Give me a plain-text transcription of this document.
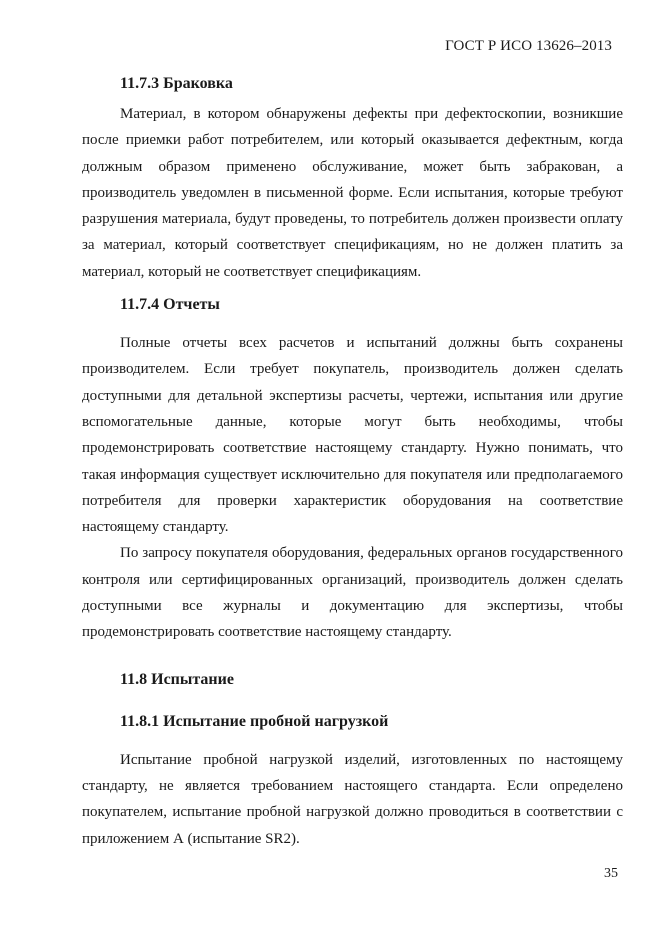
ГОСТ Р ИСО 13626–2013
11.7.3 Браковка

Материал, в котором обнаружены дефекты при дефектоскопии, возникшие после приемки работ потребителем, или который оказывается дефектным, когда должным образом применено обслуживание, может быть забракован, а производитель уведомлен в письменной форме. Если испытания, которые требуют разрушения материала, будут проведены, то потребитель должен произвести оплату за материал, который соответствует спецификациям, но не должен платить за материал, который не соответствует спецификациям.

11.7.4 Отчеты

Полные отчеты всех расчетов и испытаний должны быть сохранены производителем. Если требует покупатель, производитель должен сделать доступными для детальной экспертизы расчеты, чертежи, испытания или другие вспомогательные данные, которые могут быть необходимы, чтобы продемонстрировать соответствие настоящему стандарту. Нужно понимать, что такая информация существует исключительно для покупателя или предполагаемого потребителя для проверки характеристик оборудования на соответствие настоящему стандарту.

По запросу покупателя оборудования, федеральных органов государственного контроля или сертифицированных организаций, производитель должен сделать доступными все журналы и документацию для экспертизы, чтобы продемонстрировать соответствие настоящему стандарту.

11.8 Испытание
11.8.1 Испытание пробной нагрузкой

Испытание пробной нагрузкой изделий, изготовленных по настоящему стандарту, не является требованием настоящего стандарта. Если определено покупателем, испытание пробной нагрузкой должно проводиться в соответствии с приложением А (испытание SR2).

35
